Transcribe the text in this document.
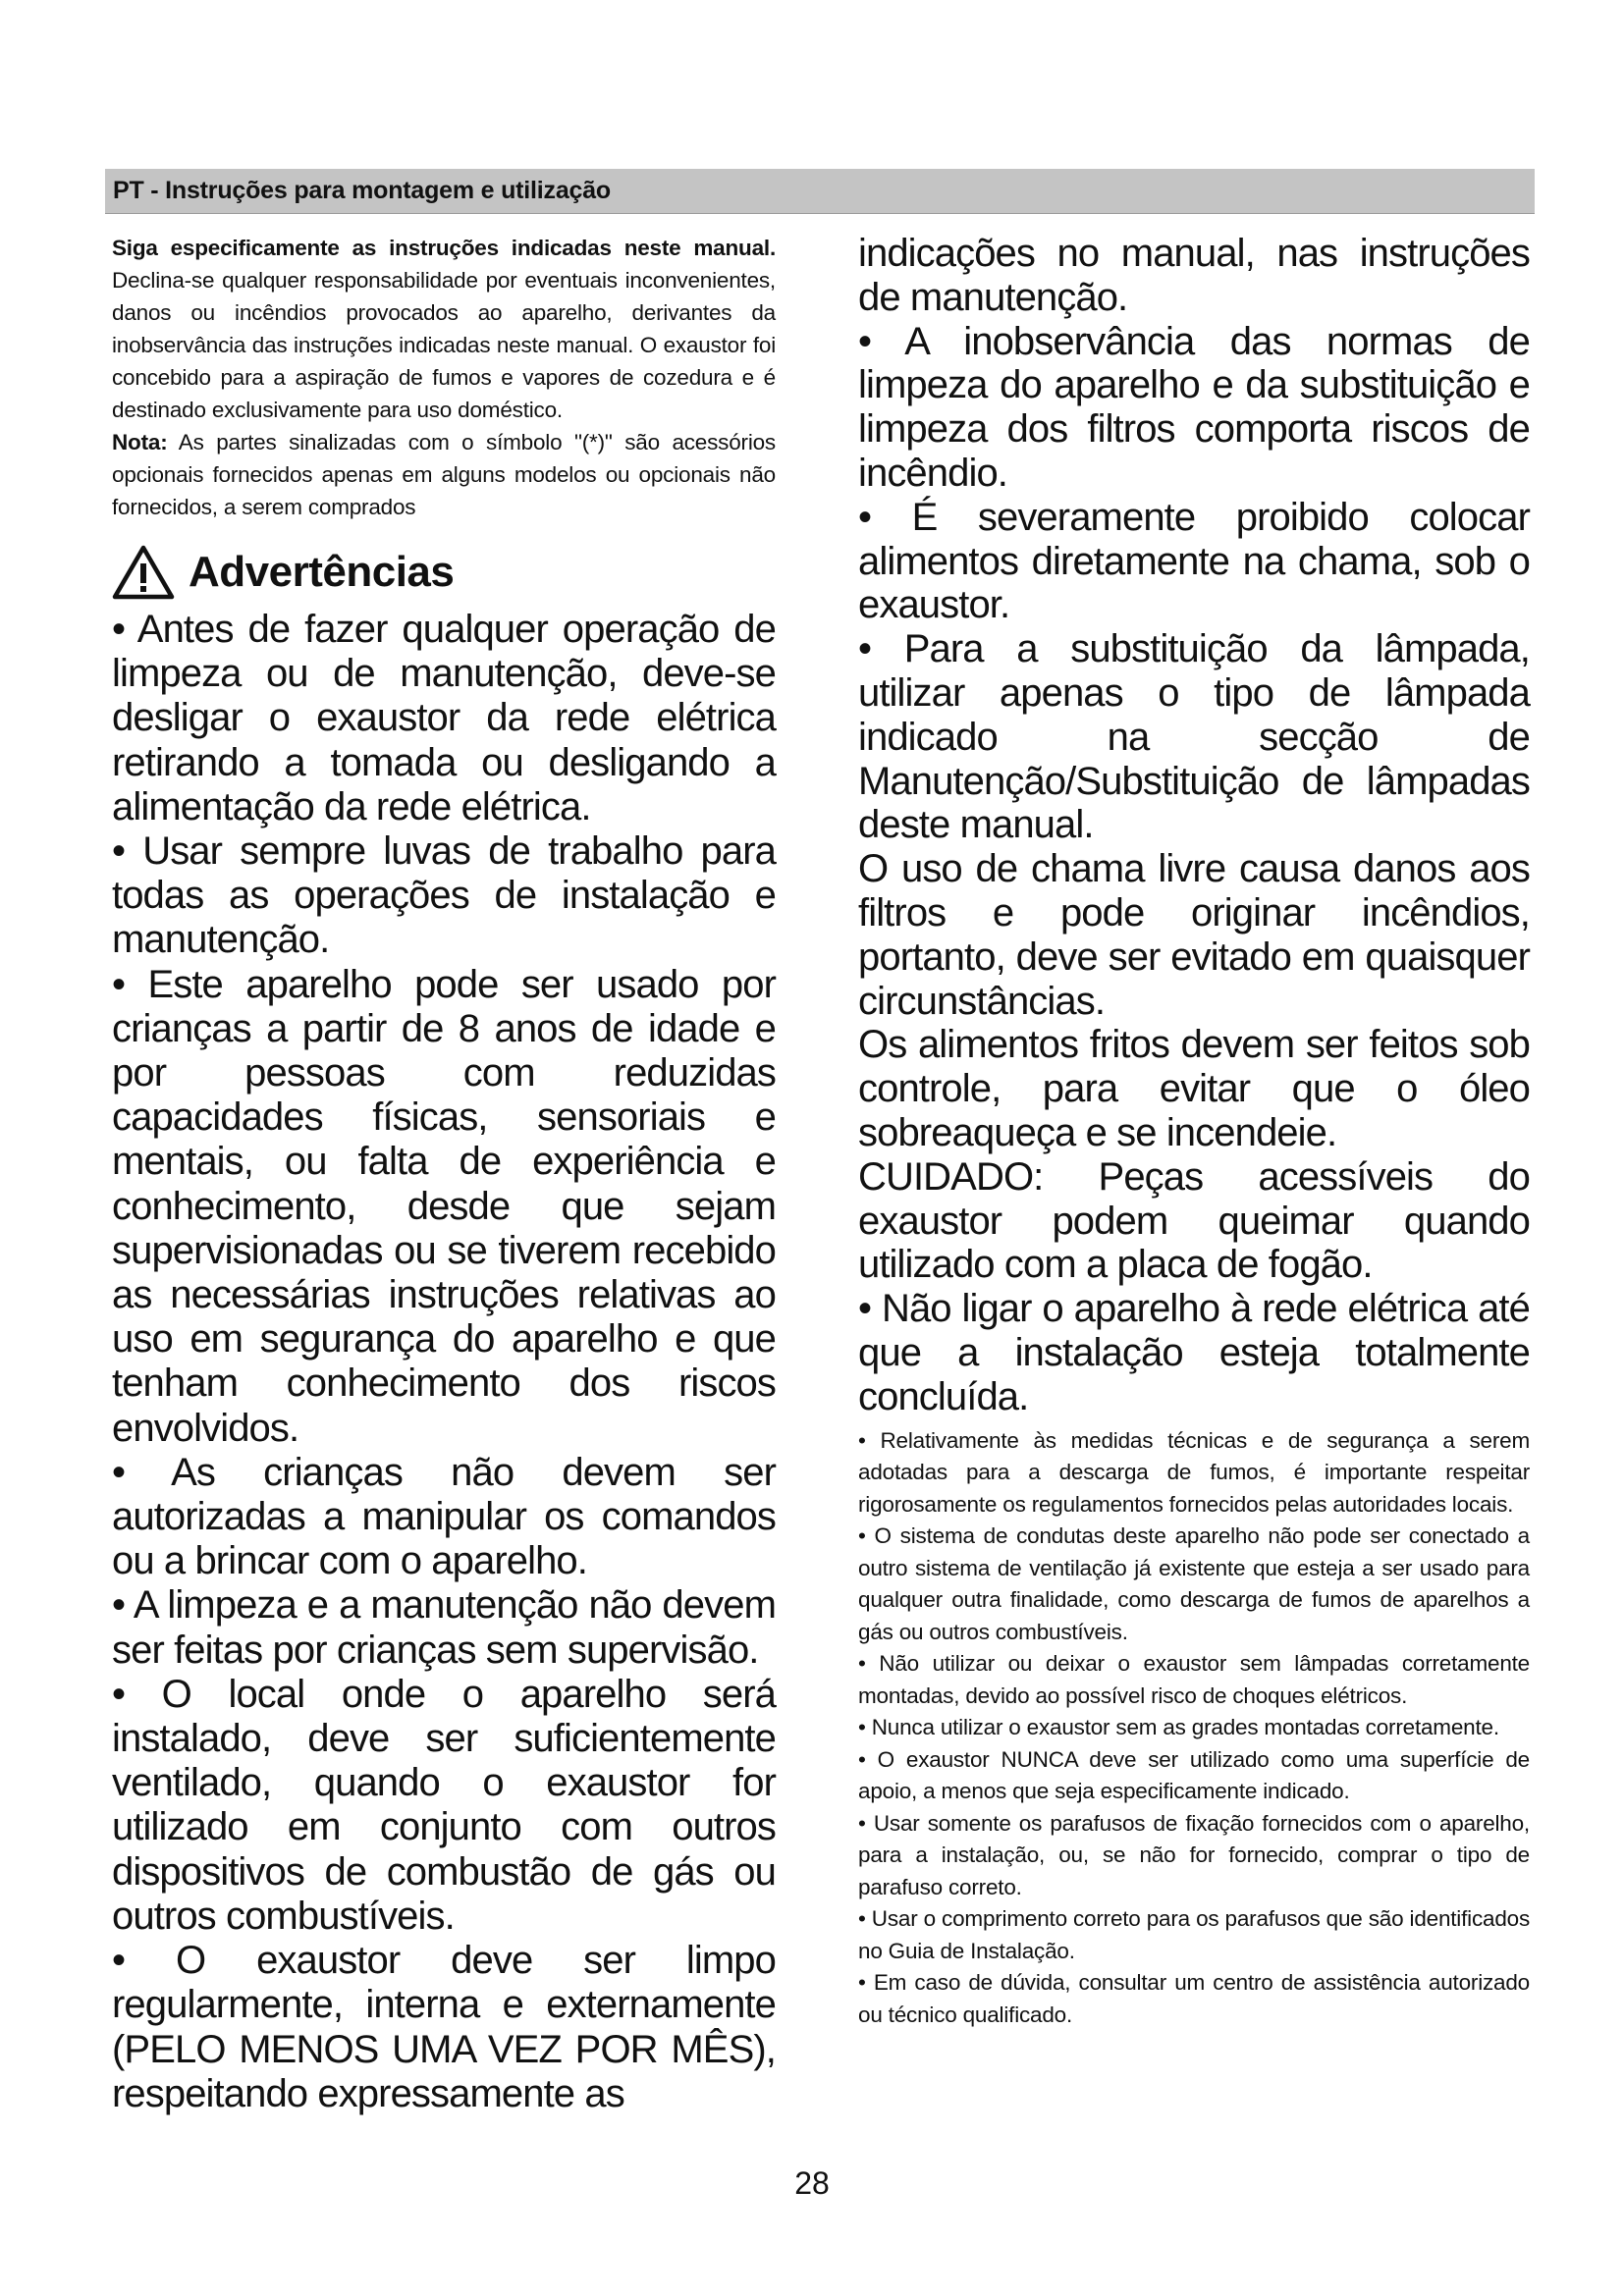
PT - Instruções para montagem e utilização

Siga especificamente as instruções indicadas neste manual. Declina-se qualquer responsabilidade por eventuais inconvenientes, danos ou incêndios provocados ao aparelho, derivantes da inobservância das instruções indicadas neste manual. O exaustor foi concebido para a aspiração de fumos e vapores de cozedura e é destinado exclusivamente para uso doméstico.

Nota: As partes sinalizadas com o símbolo "(*)" são acessórios opcionais fornecidos apenas em alguns modelos ou opcionais não fornecidos, a serem comprados

Advertências

• Antes de fazer qualquer operação de limpeza ou de manutenção, deve-se desligar o exaustor da rede elétrica retirando a tomada ou desligando a alimentação da rede elétrica.

• Usar sempre luvas de trabalho para todas as operações de instalação e manutenção.

• Este aparelho pode ser usado por crianças a partir de 8 anos de idade e por pessoas com reduzidas capacidades físicas, sensoriais e mentais, ou falta de experiência e conhecimento, desde que sejam supervisionadas ou se tiverem recebido as necessárias instruções relativas ao uso em segurança do aparelho e que tenham conhecimento dos riscos envolvidos.

• As crianças não devem ser autorizadas a manipular os comandos ou a brincar com o aparelho.

• A limpeza e a manutenção não devem ser feitas por crianças sem supervisão.

• O local onde o aparelho será instalado, deve ser suficientemente ventilado, quando o exaustor for utilizado em conjunto com outros dispositivos de combustão de gás ou outros combustíveis.

• O exaustor deve ser limpo regularmente, interna e externamente (PELO MENOS UMA VEZ POR MÊS), respeitando expressamente as

indicações no manual, nas instruções de manutenção.

• A inobservância das normas de limpeza do aparelho e da substituição e limpeza dos filtros comporta riscos de incêndio.

• É severamente proibido colocar alimentos diretamente na chama, sob o exaustor.

• Para a substituição da lâmpada, utilizar apenas o tipo de lâmpada indicado na secção de Manutenção/Substituição de lâmpadas deste manual.

O uso de chama livre causa danos aos filtros e pode originar incêndios, portanto, deve ser evitado em quaisquer circunstâncias.

Os alimentos fritos devem ser feitos sob controle, para evitar que o óleo sobreaqueça e se incendeie.

CUIDADO: Peças acessíveis do exaustor podem queimar quando utilizado com a placa de fogão.

• Não ligar o aparelho à rede elétrica até que a instalação esteja totalmente concluída.

• Relativamente às medidas técnicas e de segurança a serem adotadas para a descarga de fumos, é importante respeitar rigorosamente os regulamentos fornecidos pelas autoridades locais.

• O sistema de condutas deste aparelho não pode ser conectado a outro sistema de ventilação já existente que esteja a ser usado para qualquer outra finalidade, como descarga de fumos de aparelhos a gás ou outros combustíveis.

• Não utilizar ou deixar o exaustor sem lâmpadas corretamente montadas, devido ao possível risco de choques elétricos.

• Nunca utilizar o exaustor sem as grades montadas corretamente.

• O exaustor NUNCA deve ser utilizado como uma superfície de apoio, a menos que seja especificamente indicado.

• Usar somente os parafusos de fixação fornecidos com o aparelho, para a instalação, ou, se não for fornecido, comprar o tipo de parafuso correto.

• Usar o comprimento correto para os parafusos que são identificados no Guia de Instalação.

• Em caso de dúvida, consultar um centro de assistência autorizado ou técnico qualificado.

28
